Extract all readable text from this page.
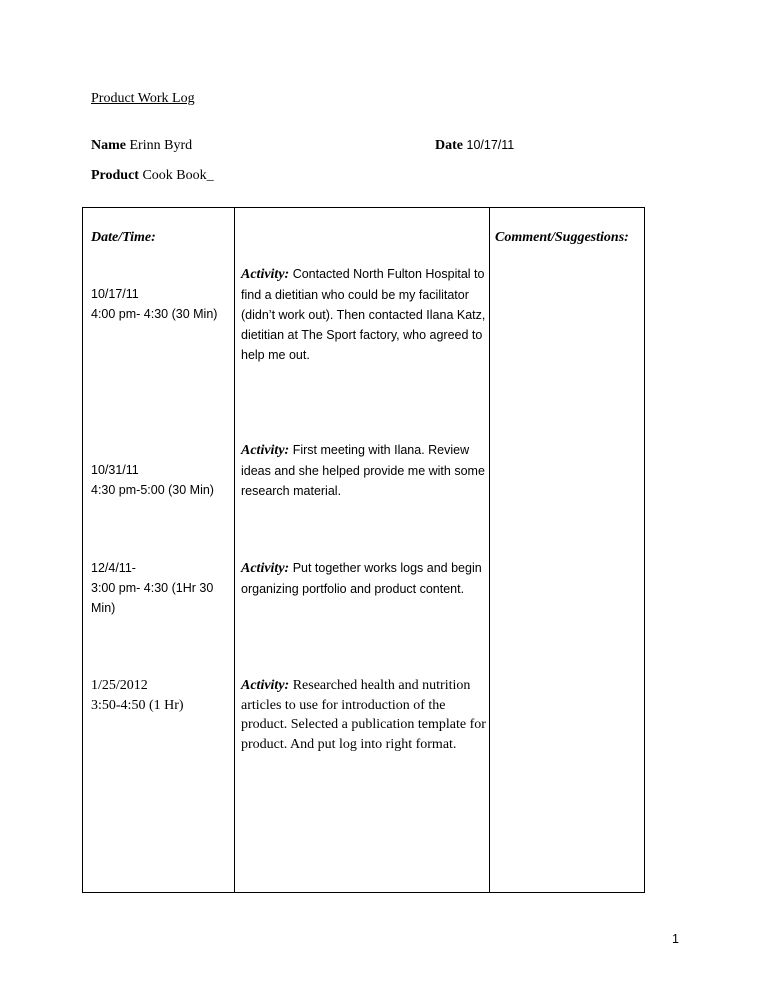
Product Work Log
Name Erinn Byrd	Date 10/17/11
Product Cook Book_
Date/Time:	Comment/Suggestions:
10/17/11
4:00 pm- 4:30 (30 Min)
Activity: Contacted North Fulton Hospital to find a dietitian who could be my facilitator (didn’t work out). Then contacted Ilana Katz, dietitian at The Sport factory, who agreed to help me out.
10/31/11
4:30 pm-5:00 (30 Min)
Activity: First meeting with Ilana. Review ideas and she helped provide me with some research material.
12/4/11-
3:00 pm- 4:30 (1Hr 30 Min)
Activity: Put together works logs and begin organizing portfolio and product content.
1/25/2012
3:50-4:50 (1 Hr)
Activity: Researched health and nutrition articles to use for introduction of the product. Selected a publication template for product. And put log into right format.
1
